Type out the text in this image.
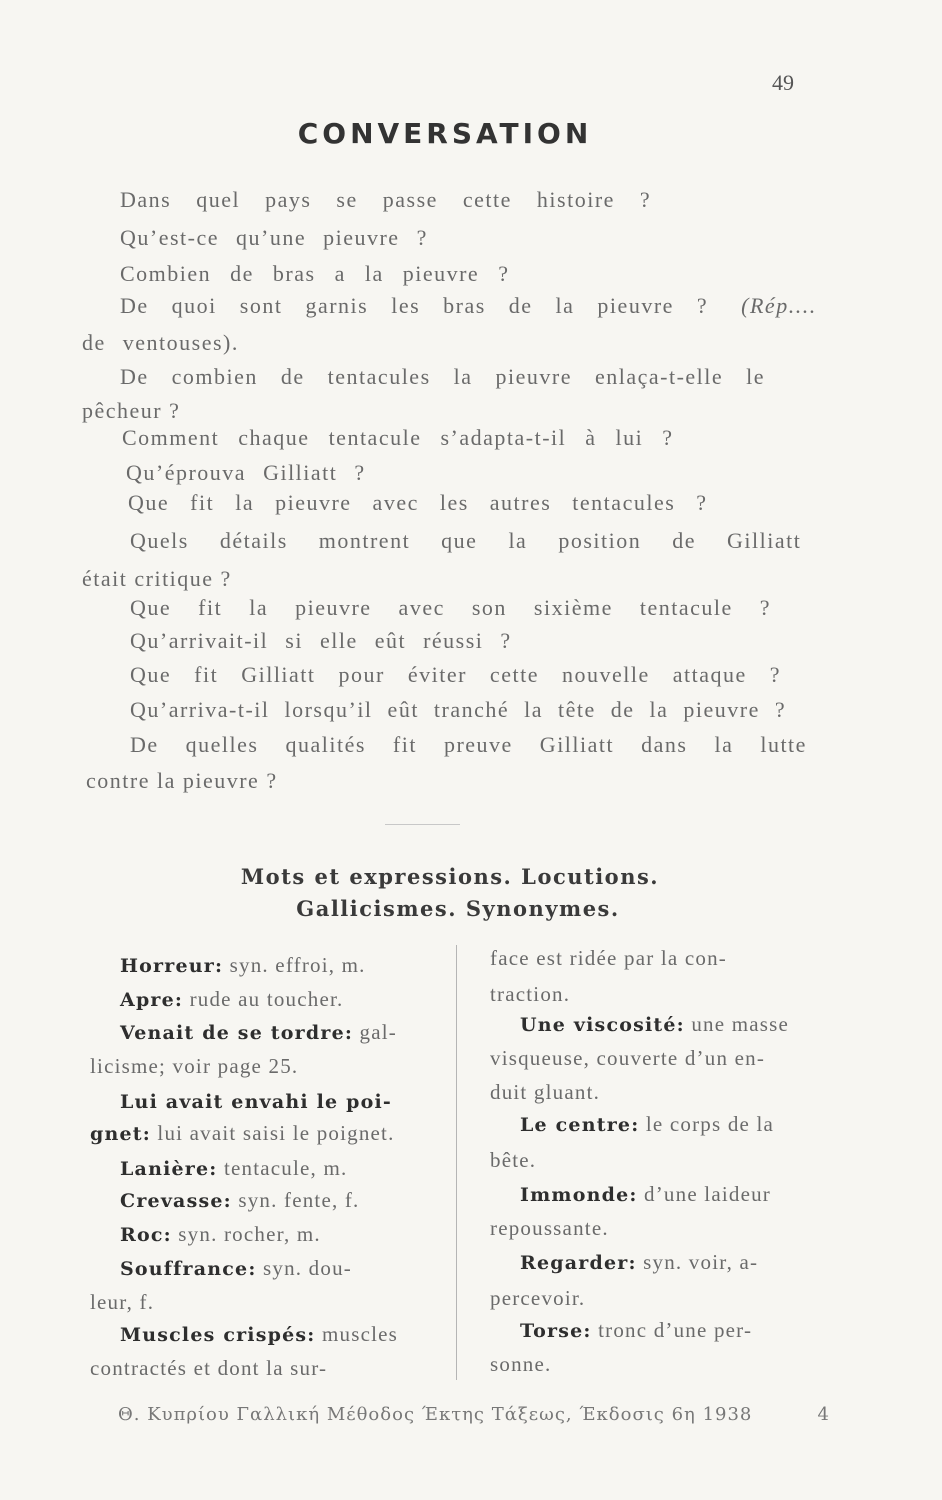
49
CONVERSATION
Dans quel pays se passe cette histoire ?
Qu’est-ce qu’une pieuvre ?
Combien de bras a la pieuvre ?
De quoi sont garnis les bras de la pieuvre ? (Rép....
de ventouses).
De combien de tentacules la pieuvre enlaça-t-elle le
pêcheur ?
Comment chaque tentacule s’adapta-t-il à lui ?
Qu’éprouva Gilliatt ?
Que fit la pieuvre avec les autres tentacules ?
Quels détails montrent que la position de Gilliatt
était critique ?
Que fit la pieuvre avec son sixième tentacule ?
Qu’arrivait-il si elle eût réussi ?
Que fit Gilliatt pour éviter cette nouvelle attaque ?
Qu’arriva-t-il lorsqu’il eût tranché la tête de la pieuvre ?
De quelles qualités fit preuve Gilliatt dans la lutte
contre la pieuvre ?
Mots et expressions. Locutions.
Gallicismes. Synonymes.
Horreur: syn. effroi, m.
Apre: rude au toucher.
Venait de se tordre: gal-
licisme; voir page 25.
Lui avait envahi le poi-
gnet: lui avait saisi le poignet.
Lanière: tentacule, m.
Crevasse: syn. fente, f.
Roc: syn. rocher, m.
Souffrance: syn. dou-
leur, f.
Muscles crispés: muscles
contractés et dont la sur-
face est ridée par la con-
traction.
Une viscosité: une masse
visqueuse, couverte d’un en-
duit gluant.
Le centre: le corps de la
bête.
Immonde: d’une laideur
repoussante.
Regarder: syn. voir, a-
percevoir.
Torse: tronc d’une per-
sonne.
Θ. Κυπρίου Γαλλική Μέθοδος Έκτης Τάξεως, Έκδοσις 6η 1938	4
